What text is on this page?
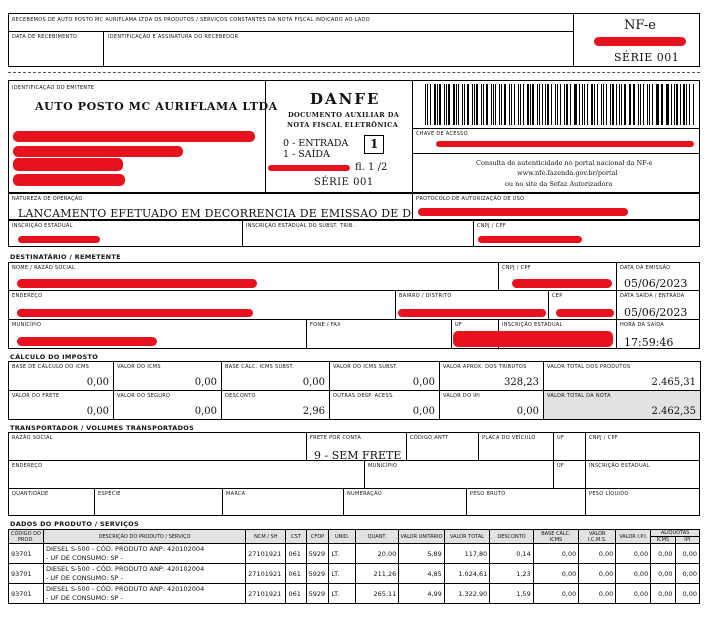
RECEBEMOS DE AUTO POSTO MC AURIFLAMA LTDA OS PRODUTOS / SERVIÇOS CONSTANTES DA NOTA FISCAL INDICADO AO LADO
DATA DE RECEBIMENTO	IDENTIFICAÇÃO E ASSINATURA DO RECEBEDOR
NF-e
SÉRIE 001
IDENTIFICAÇÃO DO EMITENTE
AUTO POSTO MC AURIFLAMA LTDA DANFE
DOCUMENTO AUXILIAR DA
NOTA FISCAL ELETRÔNICA
0 - ENTRADA
1 - SAÍDA
1
fl. 1 /2
SÉRIE 001
CHAVE DE ACESSO
Consulta de autenticidade no portal nacional da NF-e
www.nfe.fazenda.gov.br/portal
ou no site da Sefaz Autorizadora
NATUREZA DE OPERAÇÃO
LANCAMENTO EFETUADO EM DECORRENCIA DE EMISSAO DE D
PROTOCOLO DE AUTORIZAÇÃO DE USO
INSCRIÇÃO ESTADUAL	INSCRIÇÃO ESTADUAL DO SUBST. TRIB.	CNPJ / CPF
DESTINATÁRIO / REMETENTE
NOME / RAZÃO SOCIAL	CNPJ / CPF	DATA DA EMISSÃO
05/06/2023
ENDEREÇO	BAIRRO / DISTRITO	CEP	DATA SAÍDA / ENTRADA
05/06/2023
MUNICÍPIO	FONE / FAX	UF	INSCRIÇÃO ESTADUAL	HORA DA SAÍDA
17:59:46
CÁLCULO DO IMPOSTO
BASE DE CÁLCULO DO ICMS
0,00
VALOR DO ICMS
0,00
BASE CÁLC. ICMS SUBST.
0,00
VALOR DO ICMS SUBST.
0,00
VALOR APROX. DOS TRIBUTOS
328,23
VALOR TOTAL DOS PRODUTOS
2.465,31
VALOR DO FRETE
0,00
VALOR DO SEGURO
0,00
DESCONTO
2,96
OUTRAS DESP. ACESS.
0,00
VALOR DO IPI
0,00
VALOR TOTAL DA NOTA
2.462,35
TRANSPORTADOR / VOLUMES TRANSPORTADOS
RAZÃO SOCIAL	FRETE POR CONTA
9 - SEM FRETE
CÓDIGO ANTT	PLACA DO VEÍCULO	UF	CNPJ / CPF
ENDEREÇO	MUNICÍPIO	UF	INSCRIÇÃO ESTADUAL
QUANTIDADE	ESPÉCIE	MARCA	NUMERAÇÃO	PESO BRUTO	PESO LÍQUIDO
DADOS DO PRODUTO / SERVIÇOS
CÓDIGO DO PROD.	DESCRIÇÃO DO PRODUTO / SERVIÇO	NCM / SH	CST	CFOP	UNID.	QUANT.	VALOR UNITÁRIO	VALOR TOTAL	DESCONTO	BASE CÁLC. ICMS	VALOR I.C.M.S.	VALOR I.P.I.	ALÍQUOTAS	
													ICMS	IPI
93701	DIESEL S-500 - CÓD. PRODUTO ANP: 420102004
- UF DE CONSUMO: SP -	27101921	061	5929	LT.	20,00	5,89	117,80	0,14	0,00	0,00	0,00	0,00	0,00
93701	DIESEL S-500 - CÓD. PRODUTO ANP: 420102004
- UF DE CONSUMO: SP -	27101921	061	5929	LT.	211,26	4,85	1.024,61	1,23	0,00	0,00	0,00	0,00	0,00
93701	DIESEL S-500 - CÓD. PRODUTO ANP: 420102004
- UF DE CONSUMO: SP -	27101921	061	5929	LT.	265,11	4,99	1.322,90	1,59	0,00	0,00	0,00	0,00	0,00
